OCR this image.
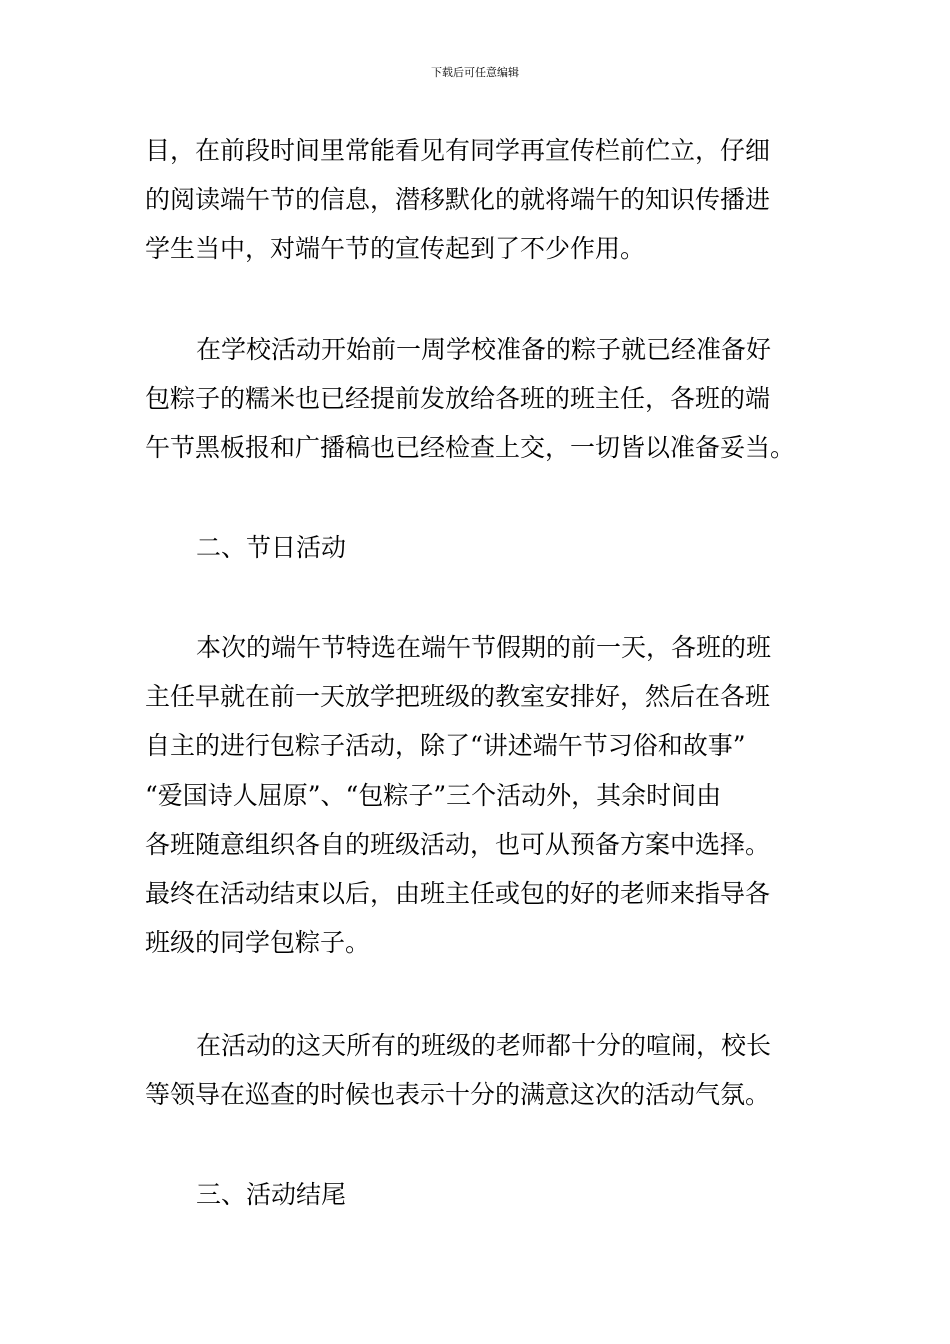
下载后可任意编辑
目，在前段时间里常能看见有同学再宣传栏前伫立，仔细
的阅读端午节的信息，潜移默化的就将端午的知识传播进
学生当中，对端午节的宣传起到了不少作用。
在学校活动开始前一周学校准备的粽子就已经准备好
包粽子的糯米也已经提前发放给各班的班主任，各班的端
午节黑板报和广播稿也已经检查上交，一切皆以准备妥当。
二、节日活动
本次的端午节特选在端午节假期的前一天，各班的班
主任早就在前一天放学把班级的教室安排好，然后在各班
自主的进行包粽子活动，除了“讲述端午节习俗和故事”
“爱国诗人屈原”、“包粽子”三个活动外，其余时间由
各班随意组织各自的班级活动，也可从预备方案中选择。
最终在活动结束以后，由班主任或包的好的老师来指导各
班级的同学包粽子。
在活动的这天所有的班级的老师都十分的喧闹，校长
等领导在巡查的时候也表示十分的满意这次的活动气氛。
三、活动结尾
